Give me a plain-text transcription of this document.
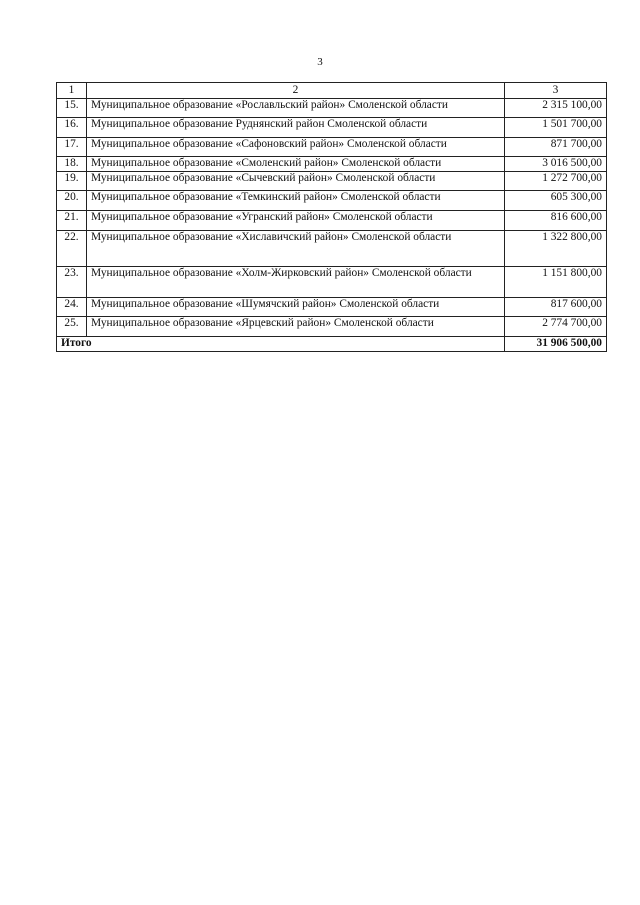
3
1	2	3
15.	Муниципальное образование «Рославльский район» Смоленской области	2 315 100,00
16.	Муниципальное образование Руднянский район Смоленской области	1 501 700,00
17.	Муниципальное образование «Сафоновский район» Смоленской области	871 700,00
18.	Муниципальное образование «Смоленский район» Смоленской области	3 016 500,00
19.	Муниципальное образование «Сычевский район» Смоленской области	1 272 700,00
20.	Муниципальное образование «Темкинский район» Смоленской области	605 300,00
21.	Муниципальное образование «Угранский район» Смоленской области	816 600,00
22.	Муниципальное образование «Хиславичский район» Смоленской области	1 322 800,00
23.	Муниципальное образование «Холм-Жирковский район» Смоленской области	1 151 800,00
24.	Муниципальное образование «Шумячский район» Смоленской области	817 600,00
25.	Муниципальное образование «Ярцевский район» Смоленской области	2 774 700,00
Итого		31 906 500,00
